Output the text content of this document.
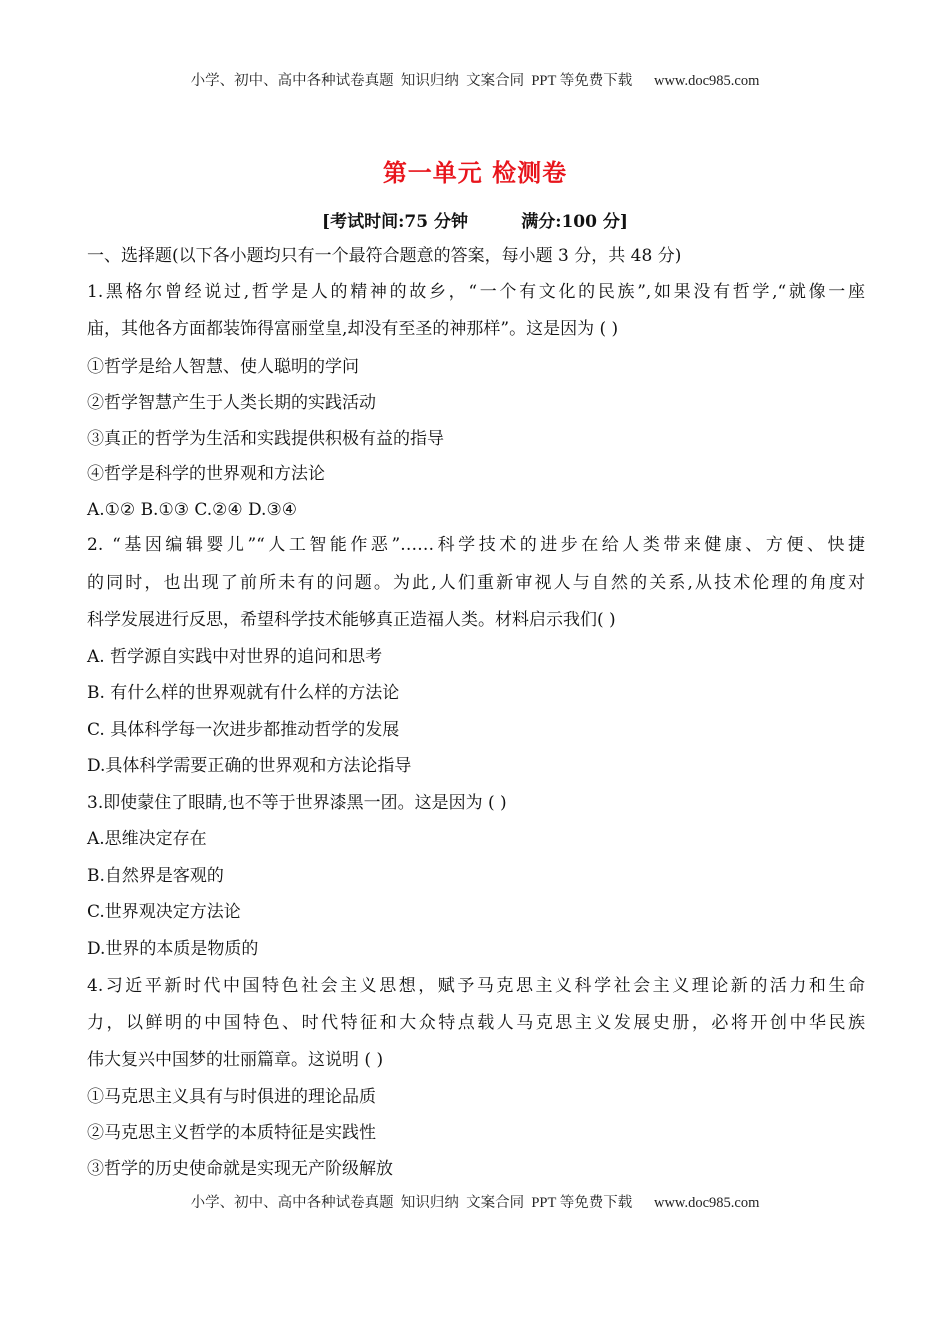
小学、初中、高中各种试卷真题  知识归纳  文案合同  PPT 等免费下载      www.doc985.com
第一单元 检测卷
[考试时间:75 分钟         满分:100 分]
一、选择题(以下各小题均只有一个最符合题意的答案，每小题 3 分，共 48 分)
1.黑格尔曾经说过,哲学是人的精神的故乡，“一个有文化的民族”,如果没有哲学,“就像一座
庙，其他各方面都装饰得富丽堂皇,却没有至圣的神那样”。这是因为 ( )
①哲学是给人智慧、使人聪明的学问
②哲学智慧产生于人类长期的实践活动
③真正的哲学为生活和实践提供积极有益的指导
④哲学是科学的世界观和方法论
A.①② B.①③ C.②④ D.③④
2. “基因编辑婴儿”“人工智能作恶”……科学技术的进步在给人类带来健康、方便、快捷
的同时，也出现了前所未有的问题。为此,人们重新审视人与自然的关系,从技术伦理的角度对
科学发展进行反思，希望科学技术能够真正造福人类。材料启示我们( )
A. 哲学源自实践中对世界的追问和思考
B. 有什么样的世界观就有什么样的方法论
C. 具体科学每一次进步都推动哲学的发展
D.具体科学需要正确的世界观和方法论指导
3.即使蒙住了眼睛,也不等于世界漆黑一团。这是因为 ( )
A.思维决定存在
B.自然界是客观的
C.世界观决定方法论
D.世界的本质是物质的
4.习近平新时代中国特色社会主义思想，赋予马克思主义科学社会主义理论新的活力和生命
力，以鲜明的中国特色、时代特征和大众特点载人马克思主义发展史册，必将开创中华民族
伟大复兴中国梦的壮丽篇章。这说明 ( )
①马克思主义具有与时俱进的理论品质
②马克思主义哲学的本质特征是实践性
③哲学的历史使命就是实现无产阶级解放
小学、初中、高中各种试卷真题  知识归纳  文案合同  PPT 等免费下载      www.doc985.com
